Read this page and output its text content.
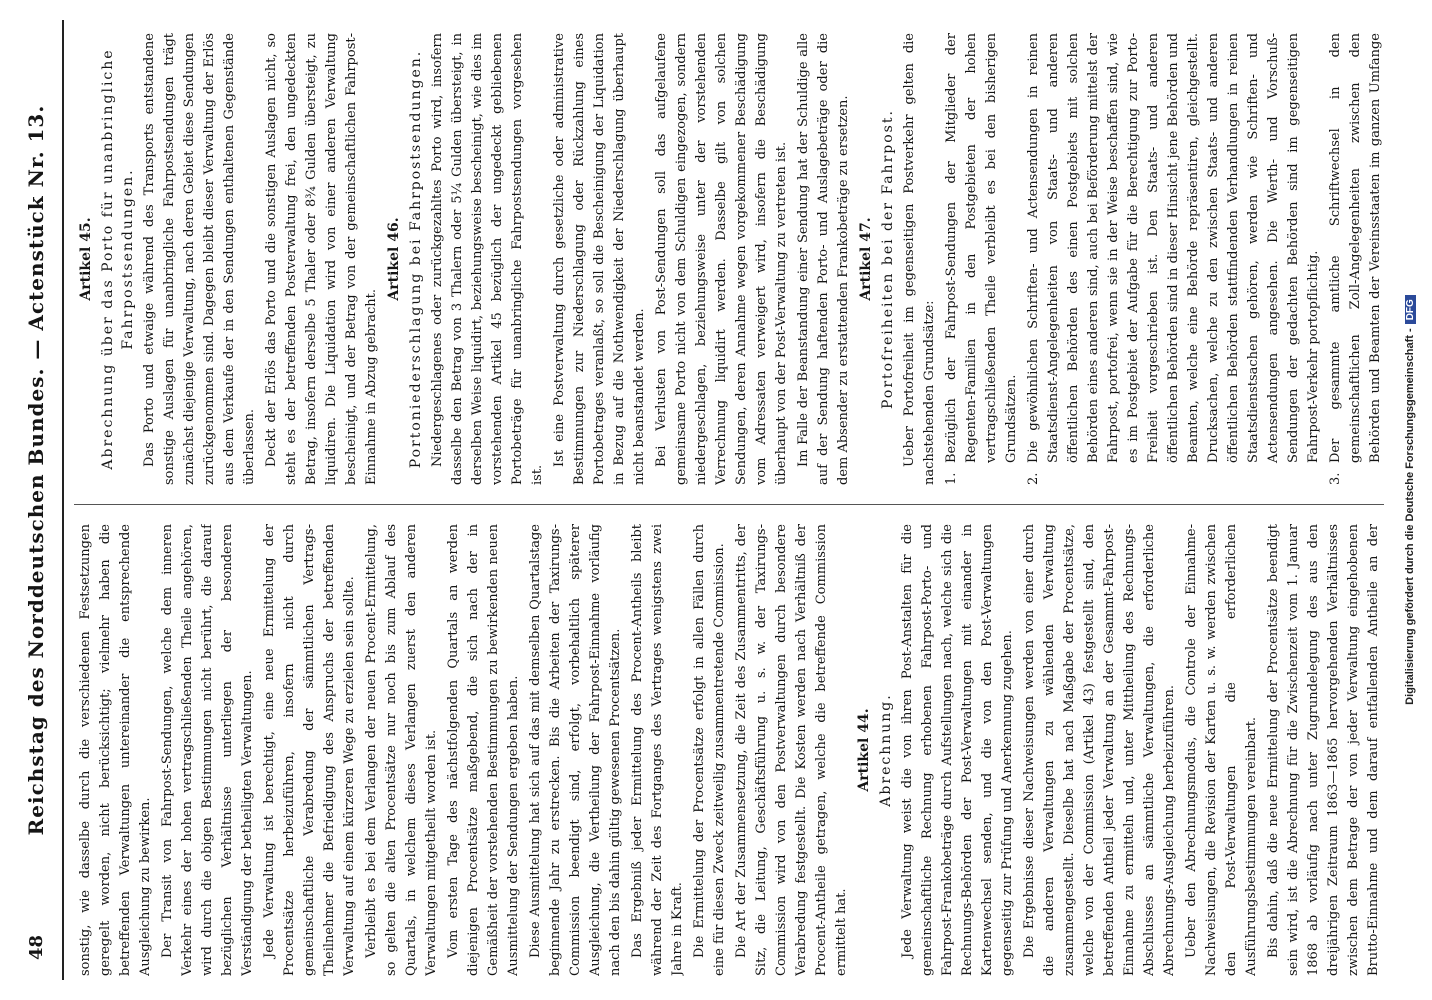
48
Reichstag des Norddeutschen Bundes. — Actenstück Nr. 13. sonstig, wie dasselbe durch die verschiedenen Festsetzungen geregelt worden, nicht berücksichtigt; vielmehr haben die betreffenden Verwaltungen untereinander die entsprechende Ausgleichung zu bewirken. Der Transit von Fahrpost-Sendungen, welche dem inneren Verkehr eines der hohen vertragschließenden Theile angehören, wird durch die obigen Bestimmungen nicht berührt, die darauf bezüglichen Verhältnisse unterliegen der besonderen Verständigung der betheiligten Verwaltungen. Jede Verwaltung ist berechtigt, eine neue Ermittelung der Procentsätze herbeizuführen, insofern nicht durch gemeinschaftliche Verabredung der sämmtlichen Vertrags-Theilnehmer die Befriedigung des Anspruchs der betreffenden Verwaltung auf einem kürzeren Wege zu erzielen sein sollte. Verbleibt es bei dem Verlangen der neuen Procent-Ermittelung, so gelten die alten Procentsätze nur noch bis zum Ablauf des Quartals, in welchem dieses Verlangen zuerst den anderen Verwaltungen mitgetheilt worden ist. Vom ersten Tage des nächstfolgenden Quartals an werden diejenigen Procentsätze maßgebend, die sich nach der in Gemäßheit der vorstehenden Bestimmungen zu bewirkenden neuen Ausmittelung der Sendungen ergeben haben. Diese Ausmittelung hat sich auf das mit demselben Quartalstage beginnende Jahr zu erstrecken. Bis die Arbeiten der Taxirungs-Commission beendigt sind, erfolgt, vorbehaltlich späterer Ausgleichung, die Vertheilung der Fahrpost-Einnahme vorläufig nach den bis dahin gültig gewesenen Procentsätzen. Das Ergebniß jeder Ermittelung des Procent-Antheils bleibt während der Zeit des Fortganges des Vertrages wenigstens zwei Jahre in Kraft. Die Ermittelung der Procentsätze erfolgt in allen Fällen durch eine für diesen Zweck zeitweilig zusammentretende Commission. Die Art der Zusammensetzung, die Zeit des Zusammentritts, der Sitz, die Leitung, Geschäftsführung u. s. w. der Taxirungs-Commission wird von den Postverwaltungen durch besondere Verabredung festgestellt. Die Kosten werden nach Verhältniß der Procent-Antheile getragen, welche die betreffende Commission ermittelt hat.

Artikel 44. Abrechnung. Jede Verwaltung weist die von ihren Post-Anstalten für die gemeinschaftliche Rechnung erhobenen Fahrpost-Porto- und Fahrpost-Frankobeträge durch Aufstellungen nach, welche sich die Rechnungs-Behörden der Post-Verwaltungen mit einander in Kartenwechsel senden, und die von den Post-Verwaltungen gegenseitig zur Prüfung und Anerkennung zugehen. Die Ergebnisse dieser Nachweisungen werden von einer durch die anderen Verwaltungen zu wählenden Verwaltung zusammengestellt. Dieselbe hat nach Maßgabe der Procentsätze, welche von der Commission (Artikel 43) festgestellt sind, den betreffenden Antheil jeder Verwaltung an der Gesammt-Fahrpost-Einnahme zu ermitteln und, unter Mittheilung des Rechnungs-Abschlusses an sämmtliche Verwaltungen, die erforderliche Abrechnungs-Ausgleichung herbeizuführen. Ueber den Abrechnungsmodus, die Controle der Einnahme-Nachweisungen, die Revision der Karten u. s. w. werden zwischen den Post-Verwaltungen die erforderlichen Ausführungsbestimmungen vereinbart. Bis dahin, daß die neue Ermittelung der Procentsätze beendigt sein wird, ist die Abrechnung für die Zwischenzeit vom 1. Januar 1868 ab vorläufig nach unter Zugrundelegung des aus den dreijährigen Zeitraum 1863—1865 hervorgehenden Verhältnisses zwischen dem Betrage der von jeder Verwaltung eingehobenen Brutto-Einnahme und dem darauf entfallenden Antheile an der

Artikel 45. Abrechnung über das Porto für unanbringliche Fahrpostsendungen. Das Porto und etwaige während des Transports entstandene sonstige Auslagen für unanbringliche Fahrpostsendungen trägt zunächst diejenige Verwaltung, nach deren Gebiet diese Sendungen zurückgenommen sind. Dagegen bleibt dieser Verwaltung der Erlös aus dem Verkaufe der in den Sendungen enthaltenen Gegenstände überlassen. Deckt der Erlös das Porto und die sonstigen Auslagen nicht, so steht es der betreffenden Postverwaltung frei, den ungedeckten Betrag, insofern derselbe 5 Thaler oder 8¾ Gulden übersteigt, zu liquidiren. Die Liquidation wird von einer anderen Verwaltung bescheinigt, und der Betrag von der gemeinschaftlichen Fahrpost-Einnahme in Abzug gebracht.

Artikel 46. Portoniederschlagung bei Fahrpostsendungen. Niedergeschlagenes oder zurückgezahltes Porto wird, insofern dasselbe den Betrag von 3 Thalern oder 5¼ Gulden übersteigt, in derselben Weise liquidirt, beziehungsweise bescheinigt, wie dies im vorstehenden Artikel 45 bezüglich der ungedeckt gebliebenen Portobeträge für unanbringliche Fahrpostsendungen vorgesehen ist.

Ist eine Postverwaltung durch gesetzliche oder administrative Bestimmungen zur Niederschlagung oder Rückzahlung eines Portobetrages veranlaßt, so soll die Bescheinigung der Liquidation in Bezug auf die Nothwendigkeit der Niederschlagung überhaupt nicht beanstandet werden. Bei Verlusten von Post-Sendungen soll das aufgelaufene gemeinsame Porto nicht von dem Schuldigen eingezogen, sondern niedergeschlagen, beziehungsweise unter der vorstehenden Verrechnung liquidirt werden. Dasselbe gilt von solchen Sendungen, deren Annahme wegen vorgekommener Beschädigung vom Adressaten verweigert wird, insofern die Beschädigung überhaupt von der Post-Verwaltung zu vertreten ist. Im Falle der Beanstandung einer Sendung hat der Schuldige alle auf der Sendung haftenden Porto- und Auslagebeträge oder die dem Absender zu erstattenden Frankobeträge zu ersetzen. Artikel 47. Portofreiheiten bei der Fahrpost. Ueber Portofreiheit im gegenseitigen Postverkehr gelten die nachstehenden Grundsätze: 1.
Bezüglich der Fahrpost-Sendungen der Mitglieder der Regenten-Familien in den Postgebieten der hohen vertragschließenden Theile verbleibt es bei den bisherigen Grundsätzen.
2.
Die gewöhnlichen Schriften- und Actensendungen in reinen Staatsdienst-Angelegenheiten von Staats- und anderen öffentlichen Behörden des einen Postgebiets mit solchen Behörden eines anderen sind, auch bei Beförderung mittelst der Fahrpost, portofrei, wenn sie in der Weise beschaffen sind, wie es im Postgebiet der Aufgabe für die Berechtigung zur Porto-Freiheit vorgeschrieben ist. Den Staats- und anderen öffentlichen Behörden sind in dieser Hinsicht jene Behörden und Beamten, welche eine Behörde repräsentiren, gleichgestellt. Drucksachen, welche zu den zwischen Staats- und anderen öffentlichen Behörden stattfindenden Verhandlungen in reinen Staatsdienstsachen gehören, werden wie Schriften- und Actensendungen angesehen. Die Werth- und Vorschuß-Sendungen der gedachten Behörden sind im gegenseitigen Fahrpost-Verkehr portopflichtig.
3.
Der gesammte amtliche Schriftwechsel in den gemeinschaftlichen Zoll-Angelegenheiten zwischen den Behörden und Beamten der Vereinsstaaten im ganzen Umfange
Digitalisierung gefördert durch die Deutsche Forschungsgemeinschaft -DFG
